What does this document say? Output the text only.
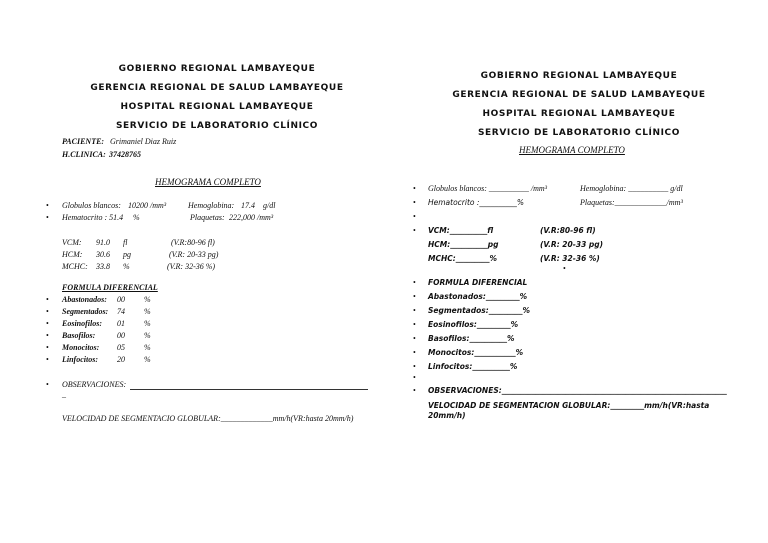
GOBIERNO REGIONAL LAMBAYEQUE
GERENCIA REGIONAL DE SALUD LAMBAYEQUE
HOSPITAL REGIONAL LAMBAYEQUE
SERVICIO DE LABORATORIO CLÍNICO
PACIENTE: Grimaniel Diaz Ruiz
H.CLINICA: 37428765
HEMOGRAMA COMPLETO
• Globulos blancos: 10200 /mm³	Hemoglobina: 17.4 g/dl
• Hematocrito : 51.4 %	Plaquetas: 222,000 /mm³
VCM: 91.0 fl	(V.R:80-96 fl)
HCM: 30.6 pg	(V.R: 20-33 pg)
MCHC: 33.8 %	(V.R: 32-36 %)
FORMULA DIFERENCIAL
• Abastonados: 00 %
• Segmentados: 74 %
• Eosinofilos: 01 %
• Basofilos:	00 %
• Monocitos: 05 %
• Linfocitos: 20 %
• OBSERVACIONES:
_
VELOCIDAD DE SEGMENTACIO GLOBULAR:_____________mm/h(VR:hasta 20mm/h)
GOBIERNO REGIONAL LAMBAYEQUE
GERENCIA REGIONAL DE SALUD LAMBAYEQUE
HOSPITAL REGIONAL LAMBAYEQUE
SERVICIO DE LABORATORIO CLÍNICO
HEMOGRAMA COMPLETO
• Globulos blancos: __________ /mm³	Hemoglobina: __________ g/dl
• Hematocrito :__________%	Plaquetas:_____________/mm³
•
• VCM:__________fl	(V.R:80-96 fl)
HCM:__________pg	(V.R: 20-33 pg)
MCHC:_________%	(V.R: 32-36 %)
•
• FORMULA DIFERENCIAL
• Abastonados:_________%
• Segmentados:_________%
• Eosinofilos:_________%
• Basofilos:__________%
• Monocitos:___________%
• Linfocitos:__________%
•
• OBSERVACIONES:____________________________________________________________
VELOCIDAD DE SEGMENTACION GLOBULAR:_________mm/h(VR:hasta
20mm/h)
